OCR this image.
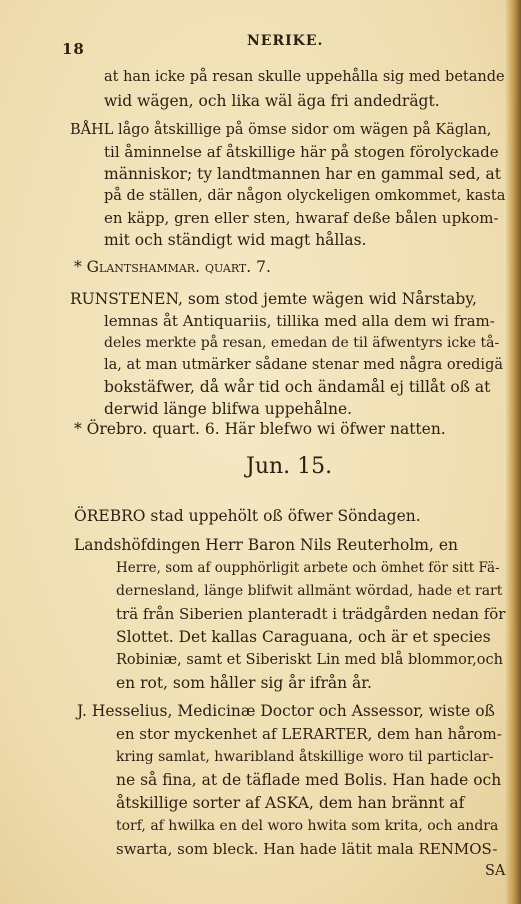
18	NERIKE.
at han icke på resan skulle uppehålla sig med betande
wid wägen, och lika wäl äga fri andedrägt.
BÅHL lågo åtskillige på ömse sidor om wägen på Käglan,
til åminnelse af åtskillige här på stogen förolyckade
människor; ty landtmannen har en gammal sed, at
på de ställen, där någon olyckeligen omkommet, kasta
en käpp, gren eller sten, hwaraf deße bålen upkom-
mit och ständigt wid magt hållas.
* Glantshammar. quart. 7.
RUNSTENEN, som stod jemte wägen wid Nårstaby,
lemnas åt Antiquariis, tillika med alla dem wi fram-
deles merkte på resan, emedan de til äfwentyrs icke tå-
la, at man utmärker sådane stenar med några oredigä
bokstäfwer, då wår tid och ändamål ej tillåt oß at
derwid länge blifwa uppehålne.
* Örebro. quart. 6. Här blefwo wi öfwer natten.
Jun. 15.
ÖREBRO stad uppehölt oß öfwer Söndagen.
Landshöfdingen Herr Baron Nils Reuterholm, en
Herre, som af oupphörligit arbete och ömhet för sitt Fä-
dernesland, länge blifwit allmänt wördad, hade et rart
trä från Siberien planteradt i trädgården nedan för
Slottet. Det kallas Caraguana, och är et species
Robiniæ, samt et Siberiskt Lin med blå blommor,och
en rot, som håller sig år ifrån år.
J. Hesselius, Medicinæ Doctor och Assessor, wiste oß
en stor myckenhet af LERARTER, dem han hårom-
kring samlat, hwaribland åtskillige woro til particlar-
ne så fina, at de täflade med Bolis. Han hade och
åtskillige sorter af ASKA, dem han brännt af
torf, af hwilka en del woro hwita som krita, och andra
swarta, som bleck. Han hade lätit mala RENMOS-
SA
